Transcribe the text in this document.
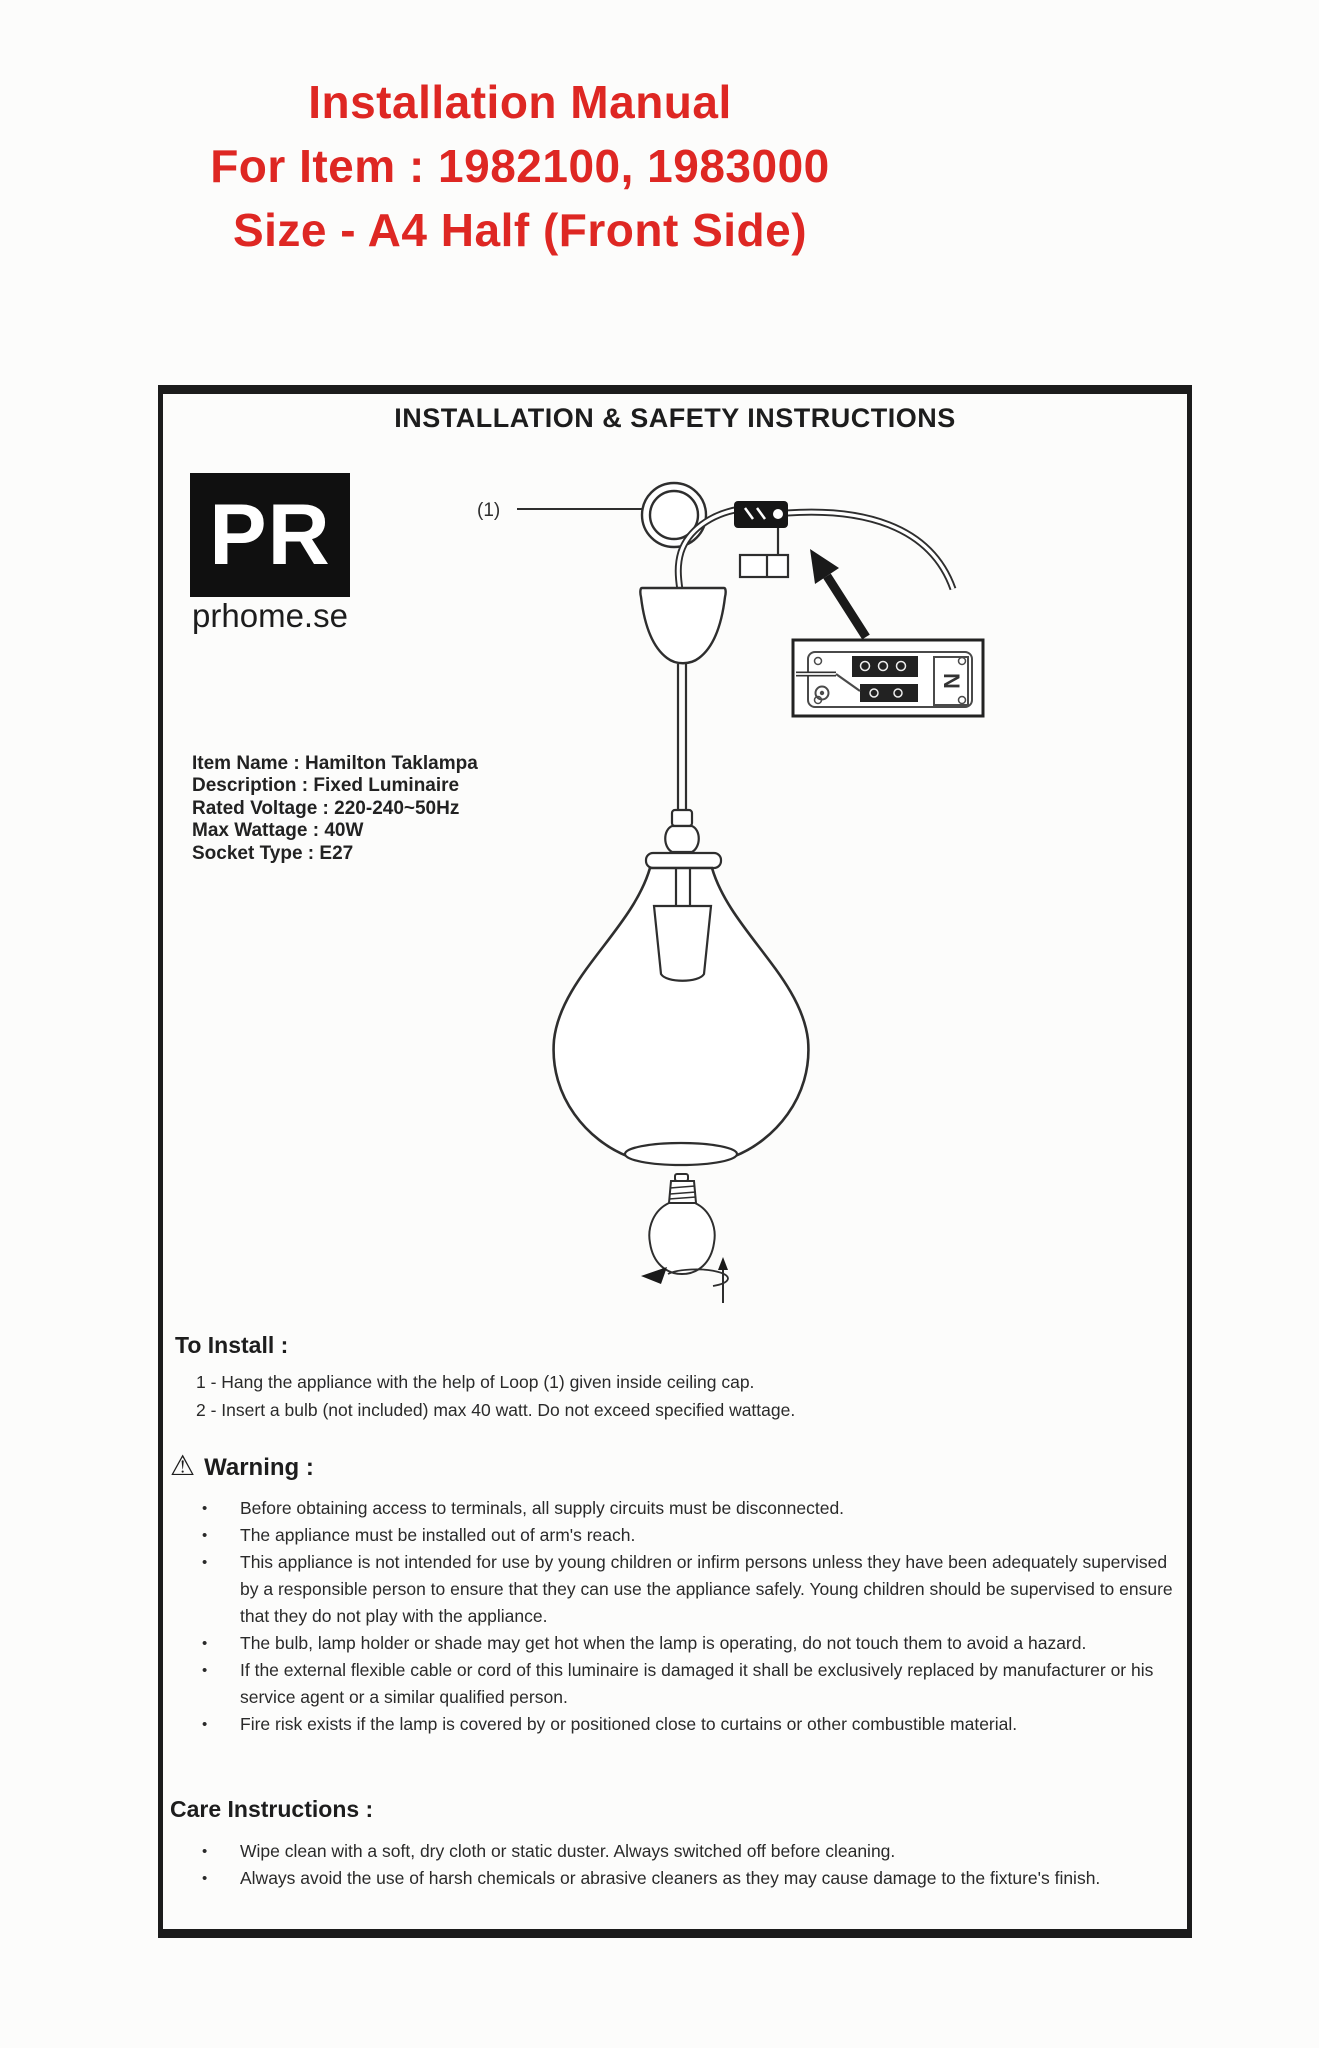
Installation Manual
For Item : 1982100, 1983000
Size - A4 Half (Front Side)
INSTALLATION & SAFETY INSTRUCTIONS
PR
prhome.se
Item Name : Hamilton Taklampa
Description : Fixed Luminaire
Rated Voltage : 220-240~50Hz
Max Wattage : 40W
Socket Type : E27
(1)
N
To Install :
1 - Hang the appliance with the help of Loop (1) given inside ceiling cap.
2 - Insert a bulb (not included) max 40 watt. Do not exceed specified wattage.
⚠ Warning :
• Before obtaining access to terminals, all supply circuits must be disconnected.
• The appliance must be installed out of arm's reach.
• This appliance is not intended for use by young children or infirm persons unless they have been adequately supervised by a responsible person to ensure that they can use the appliance safely. Young children should be supervised to ensure that they do not play with the appliance.
• The bulb, lamp holder or shade may get hot when the lamp is operating, do not touch them to avoid a hazard.
• If the external flexible cable or cord of this luminaire is damaged it shall be exclusively replaced by manufacturer or his service agent or a similar qualified person.
• Fire risk exists if the lamp is covered by or positioned close to curtains or other combustible material.
Care Instructions :
• Wipe clean with a soft, dry cloth or static duster. Always switched off before cleaning.
• Always avoid the use of harsh chemicals or abrasive cleaners as they may cause damage to the fixture's finish.
